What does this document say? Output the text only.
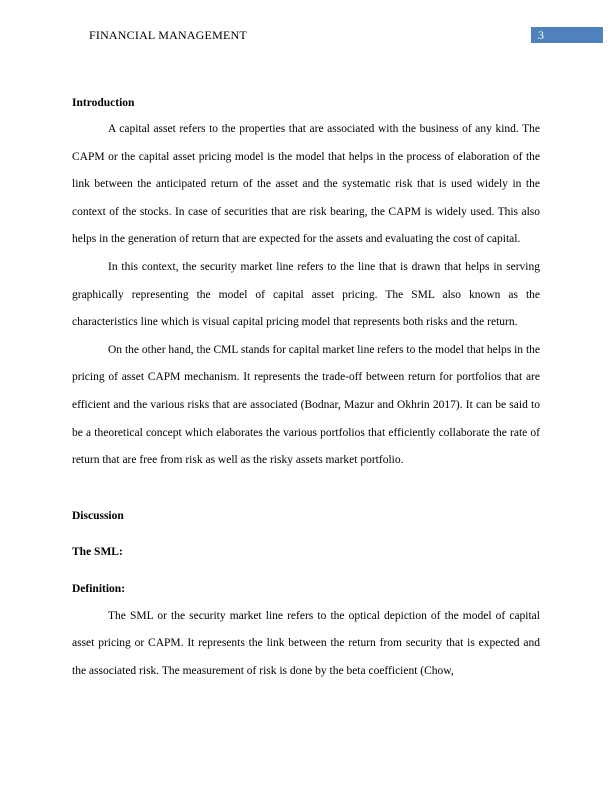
FINANCIAL MANAGEMENT	3
Introduction

A capital asset refers to the properties that are associated with the business of any kind. The CAPM or the capital asset pricing model is the model that helps in the process of elaboration of the link between the anticipated return of the asset and the systematic risk that is used widely in the context of the stocks. In case of securities that are risk bearing, the CAPM is widely used. This also helps in the generation of return that are expected for the assets and evaluating the cost of capital.

In this context, the security market line refers to the line that is drawn that helps in serving graphically representing the model of capital asset pricing. The SML also known as the characteristics line which is visual capital pricing model that represents both risks and the return.

On the other hand, the CML stands for capital market line refers to the model that helps in the pricing of asset CAPM mechanism. It represents the trade-off between return for portfolios that are efficient and the various risks that are associated (Bodnar, Mazur and Okhrin 2017). It can be said to be a theoretical concept which elaborates the various portfolios that efficiently collaborate the rate of return that are free from risk as well as the risky assets market portfolio.

Discussion
The SML:
Definition:

The SML or the security market line refers to the optical depiction of the model of capital asset pricing or CAPM. It represents the link between the return from security that is expected and the associated risk. The measurement of risk is done by the beta coefficient (Chow,
